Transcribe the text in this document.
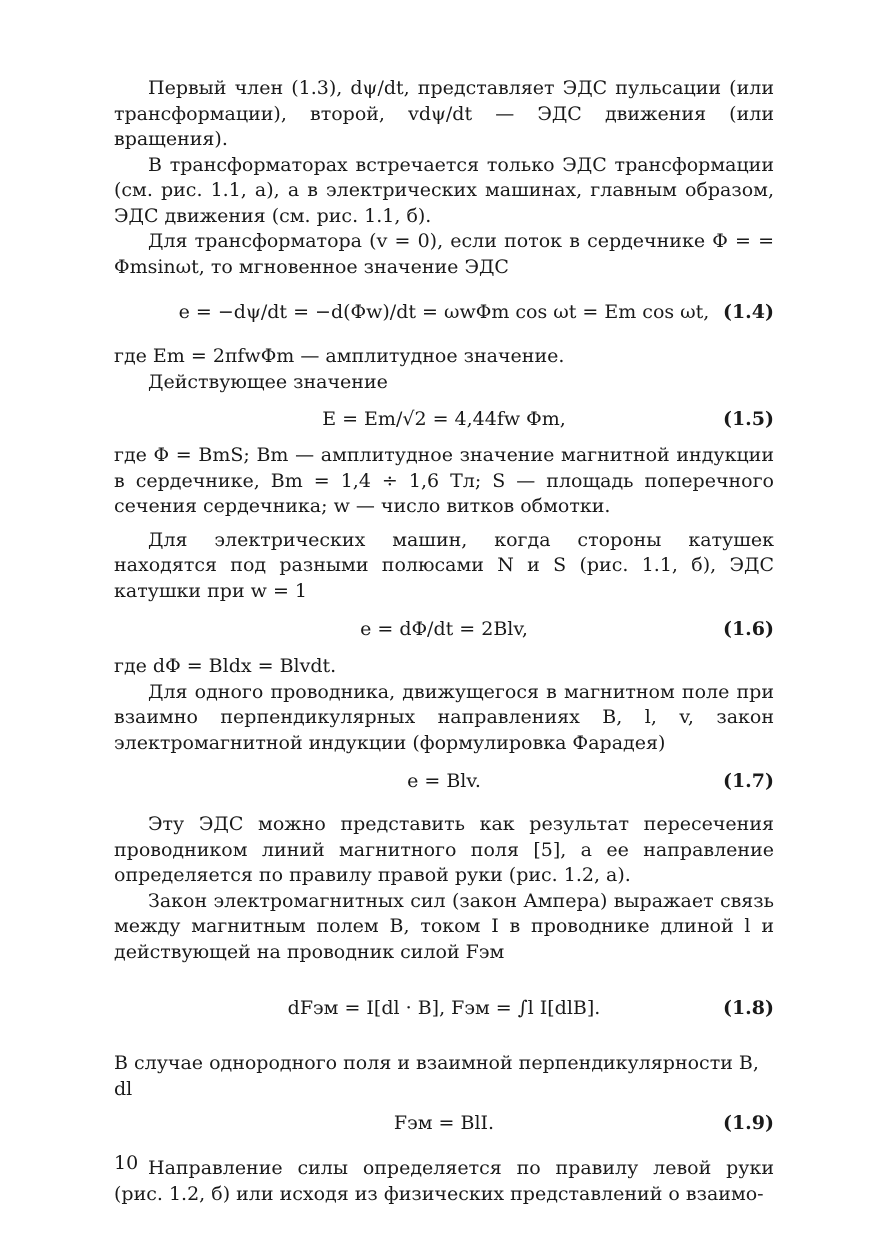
Первый член (1.3), dψ/dt, представляет ЭДС пульсации (или трансформации), второй, vdψ/dt — ЭДС движения (или вращения).

В трансформаторах встречается только ЭДС трансформации (см. рис. 1.1, а), а в электрических машинах, главным образом, ЭДС движения (см. рис. 1.1, б).

Для трансформатора (v = 0), если поток в сердечнике Φ = = Φmsinωt, то мгновенное значение ЭДС

e = −dψ/dt = −d(Φw)/dt = ωwΦm cos ωt = Em cos ωt, (1.4)

где Em = 2πfwΦm — амплитудное значение.

Действующее значение

E = Em/√2 = 4,44fw Φm,	(1.5)

где Φ = BmS; Bm — амплитудное значение магнитной индукции в сердечнике, Bm = 1,4 ÷ 1,6 Тл; S — площадь поперечного сечения сердечника; w — число витков обмотки.

Для электрических машин, когда стороны катушек находятся под разными полюсами N и S (рис. 1.1, б), ЭДС катушки при w = 1

e = dΦ/dt = 2Blv,	(1.6)

где dΦ = Bldx = Blvdt.

Для одного проводника, движущегося в магнитном поле при взаимно перпендикулярных направлениях B, l, v, закон электромагнитной индукции (формулировка Фарадея)

e = Blv.	(1.7)

Эту ЭДС можно представить как результат пересечения проводником линий магнитного поля [5], а ее направление определяется по правилу правой руки (рис. 1.2, а).

Закон электромагнитных сил (закон Ампера) выражает связь между магнитным полем B, током I в проводнике длиной l и действующей на проводник силой Fэм

dFэм = I[dl · B], Fэм = ∫l I[dlB].	(1.8)

В случае однородного поля и взаимной перпендикулярности B, dl

Fэм = BlI.	(1.9)

Направление силы определяется по правилу левой руки (рис. 1.2, б) или исходя из физических представлений о взаимо-

10
